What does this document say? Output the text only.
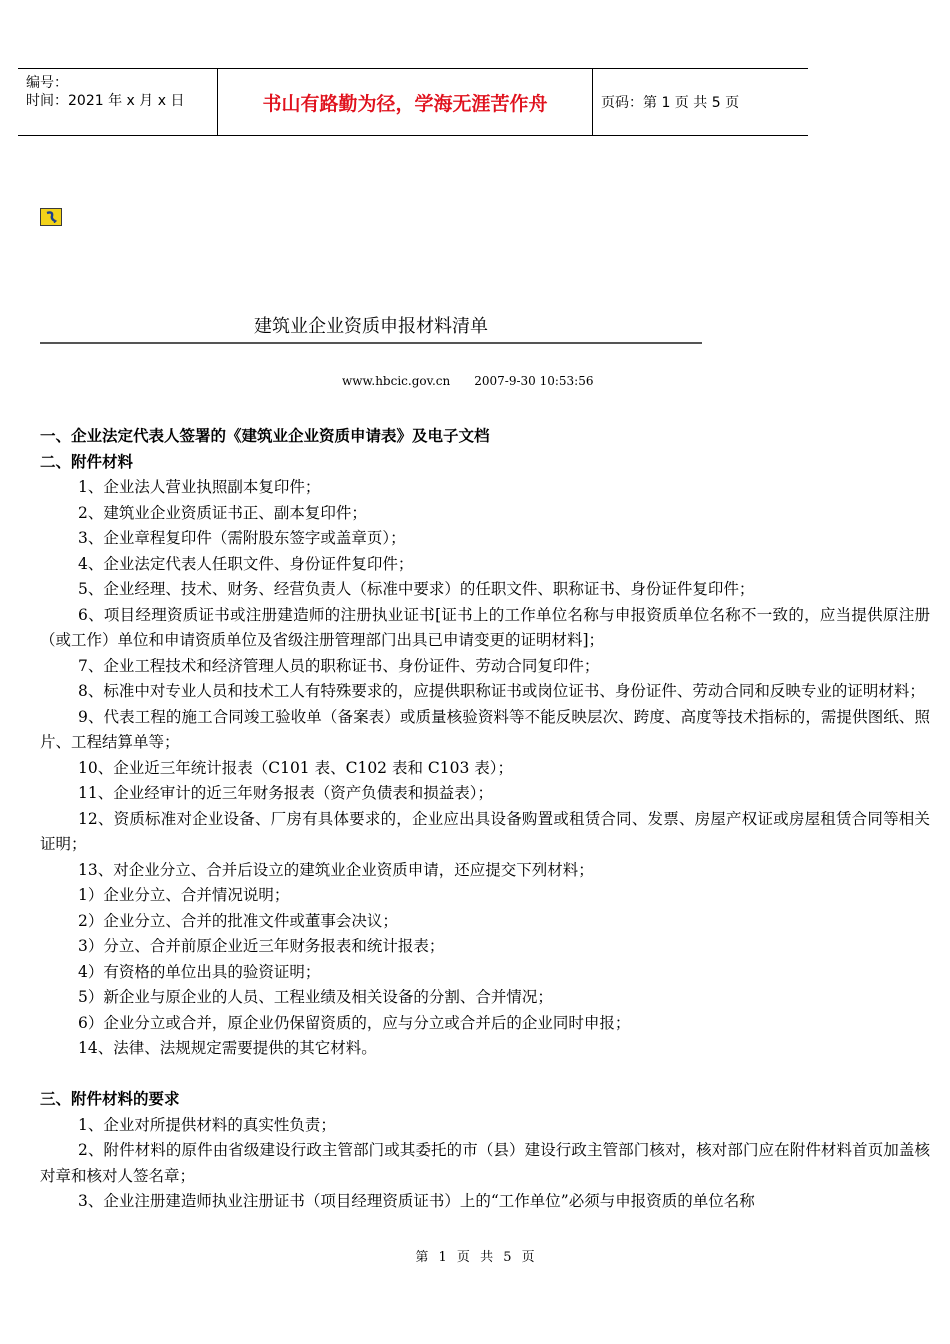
编号：
时间：2021 年 x 月 x 日	书山有路勤为径，学海无涯苦作舟	页码：第 1 页 共 5 页
建筑业企业资质申报材料清单
www.hbcic.gov.cn 2007-9-30 10:53:56
一、企业法定代表人签署的《建筑业企业资质申请表》及电子文档
二、附件材料
1、企业法人营业执照副本复印件；
2、建筑业企业资质证书正、副本复印件；
3、企业章程复印件（需附股东签字或盖章页）；
4、企业法定代表人任职文件、身份证件复印件；
5、企业经理、技术、财务、经营负责人（标准中要求）的任职文件、职称证书、身份证件复印件；
6、项目经理资质证书或注册建造师的注册执业证书[证书上的工作单位名称与申报资质单位名称不一致的，应当提供原注册（或工作）单位和申请资质单位及省级注册管理部门出具已申请变更的证明材料]；
7、企业工程技术和经济管理人员的职称证书、身份证件、劳动合同复印件；
8、标准中对专业人员和技术工人有特殊要求的，应提供职称证书或岗位证书、身份证件、劳动合同和反映专业的证明材料；
9、代表工程的施工合同竣工验收单（备案表）或质量核验资料等不能反映层次、跨度、高度等技术指标的，需提供图纸、照片、工程结算单等；
10、企业近三年统计报表（C101 表、C102 表和 C103 表）；
11、企业经审计的近三年财务报表（资产负债表和损益表）；
12、资质标准对企业设备、厂房有具体要求的，企业应出具设备购置或租赁合同、发票、房屋产权证或房屋租赁合同等相关证明；
13、对企业分立、合并后设立的建筑业企业资质申请，还应提交下列材料；
1）企业分立、合并情况说明；
2）企业分立、合并的批准文件或董事会决议；
3）分立、合并前原企业近三年财务报表和统计报表；
4）有资格的单位出具的验资证明；
5）新企业与原企业的人员、工程业绩及相关设备的分割、合并情况；
6）企业分立或合并，原企业仍保留资质的，应与分立或合并后的企业同时申报；
14、法律、法规规定需要提供的其它材料。
三、附件材料的要求
1、企业对所提供材料的真实性负责；
2、附件材料的原件由省级建设行政主管部门或其委托的市（县）建设行政主管部门核对，核对部门应在附件材料首页加盖核对章和核对人签名章；
3、企业注册建造师执业注册证书（项目经理资质证书）上的“工作单位”必须与申报资质的单位名称
第 1 页 共 5 页
